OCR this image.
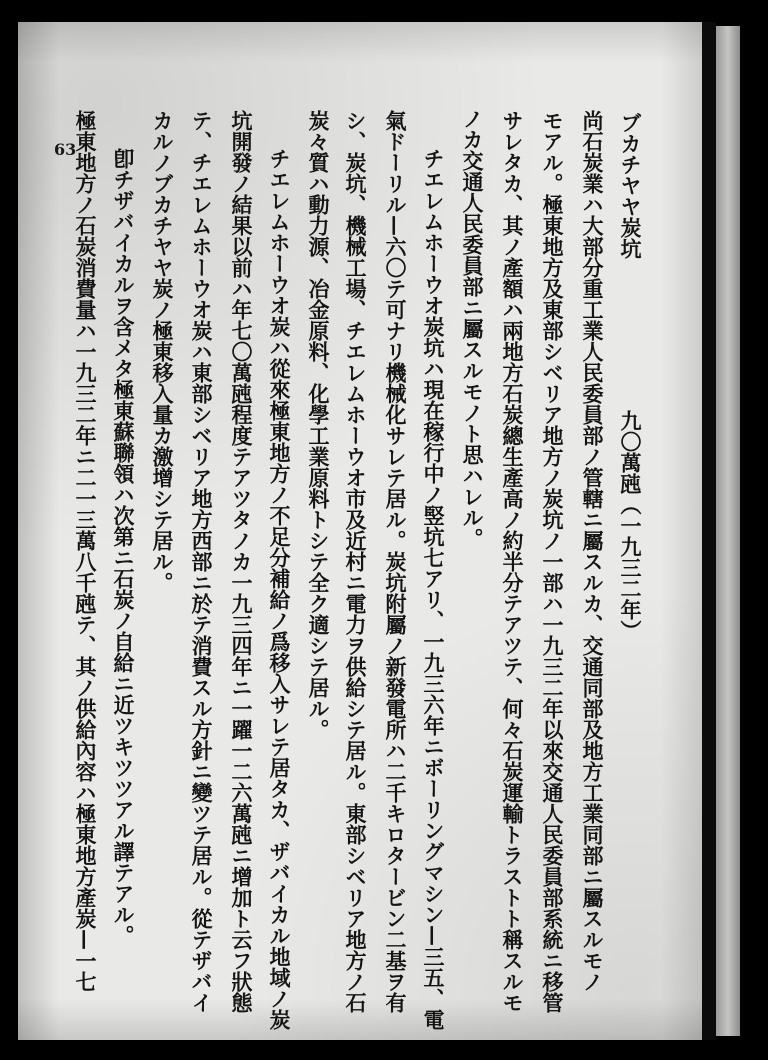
ブカチヤヤ炭坑
九〇萬瓲（一九三二年）
尚石炭業ハ大部分重工業人民委員部ノ管轄ニ屬スルカ、交通同部及地方工業同部ニ屬スルモノ
モアル。極東地方及東部シベリア地方ノ炭坑ノ一部ハ一九三二年以來交通人民委員部系統ニ移管
サレタカ、其ノ產額ハ兩地方石炭總生產高ノ約半分テアツテ、何々石炭運輸トラストト稱スルモ
ノカ交通人民委員部ニ屬スルモノト思ハレル。
チエレムホーウオ炭坑ハ現在稼行中ノ竪坑七アリ、一九三六年ニボーリングマシン—三五、電
氣ドーリル—六〇テ可ナリ機械化サレテ居ル。炭坑附屬ノ新發電所ハ二千キロタービン二基ヲ有
シ、炭坑、機械工場、チエレムホーウオ市及近村ニ電力ヲ供給シテ居ル。東部シベリア地方ノ石
炭々質ハ動力源、冶金原料、化學工業原料トシテ全ク適シテ居ル。
チエレムホーウオ炭ハ從來極東地方ノ不足分補給ノ爲移入サレテ居タカ、ザバイカル地域ノ炭
坑開發ノ結果以前ハ年七〇萬瓲程度テアツタノカ一九三四年ニ一躍一二六萬瓲ニ增加ト云フ狀態
テ、チエレムホーウオ炭ハ東部シベリア地方西部ニ於テ消費スル方針ニ變ツテ居ル。從テザバイ
カルノブカチヤヤ炭ノ極東移入量カ激增シテ居ル。
卽チザバイカルヲ含メタ極東蘇聯領ハ次第ニ石炭ノ自給ニ近ツキツツアル譯テアル。
極東地方ノ石炭消費量ハ一九三二年ニ二一三萬八千瓲テ、其ノ供給內容ハ極東地方產炭—一七
63
